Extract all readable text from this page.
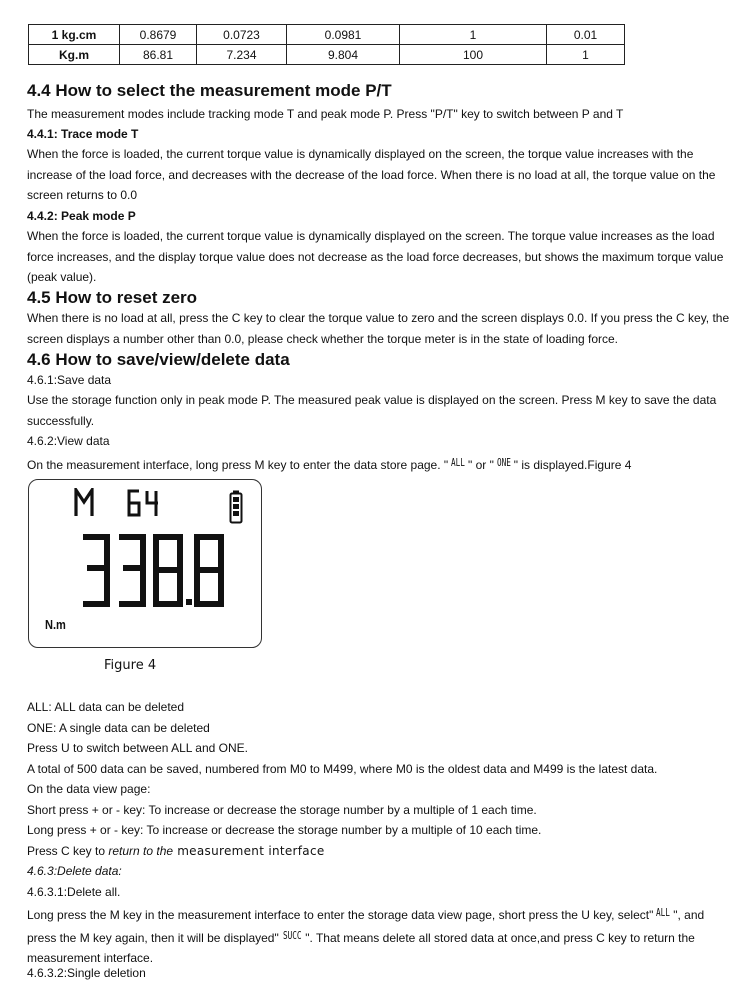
1 kg.cm	0.8679	0.0723	0.0981	1	0.01
Kg.m	86.81	7.234	9.804	100	1
4.4 How to select the measurement mode P/T
The measurement modes include tracking mode T and peak mode P. Press "P/T" key to switch between P and T
4.4.1: Trace mode T
When the force is loaded, the current torque value is dynamically displayed on the screen, the torque value increases with the increase of the load force, and decreases with the decrease of the load force. When there is no load at all, the torque value on the screen returns to 0.0
4.4.2: Peak mode P
When the force is loaded, the current torque value is dynamically displayed on the screen. The torque value increases as the load force increases, and the display torque value does not decrease as the load force decreases, but shows the maximum torque value (peak value).
4.5 How to reset zero
When there is no load at all, press the C key to clear the torque value to zero and the screen displays 0.0. If you press the C key, the screen displays a number other than 0.0, please check whether the torque meter is in the state of loading force.
4.6 How to save/view/delete data
4.6.1:Save data
Use the storage function only in peak mode P. The measured peak value is displayed on the screen. Press M key to save the data successfully.
4.6.2:View data
On the measurement interface, long press M key to enter the data store page. " ALL " or " ONE " is displayed.Figure 4
N.m
Figure 4
ALL: ALL data can be deleted
ONE: A single data can be deleted
Press U to switch between ALL and ONE.
A total of 500 data can be saved, numbered from M0 to M499, where M0 is the oldest data and M499 is the latest data.
On the data view page:
Short press + or - key: To increase or decrease the storage number by a multiple of 1 each time.
Long press + or - key: To increase or decrease the storage number by a multiple of 10 each time.
Press C key to return to the measurement interface
4.6.3:Delete data:
4.6.3.1:Delete all.
Long press the M key in the measurement interface to enter the storage data view page, short press the U key, select" ALL ", and press the M key again, then it will be displayed" SUCC ". That means delete all stored data at once,and press C key to return the measurement interface.
4.6.3.2:Single deletion
